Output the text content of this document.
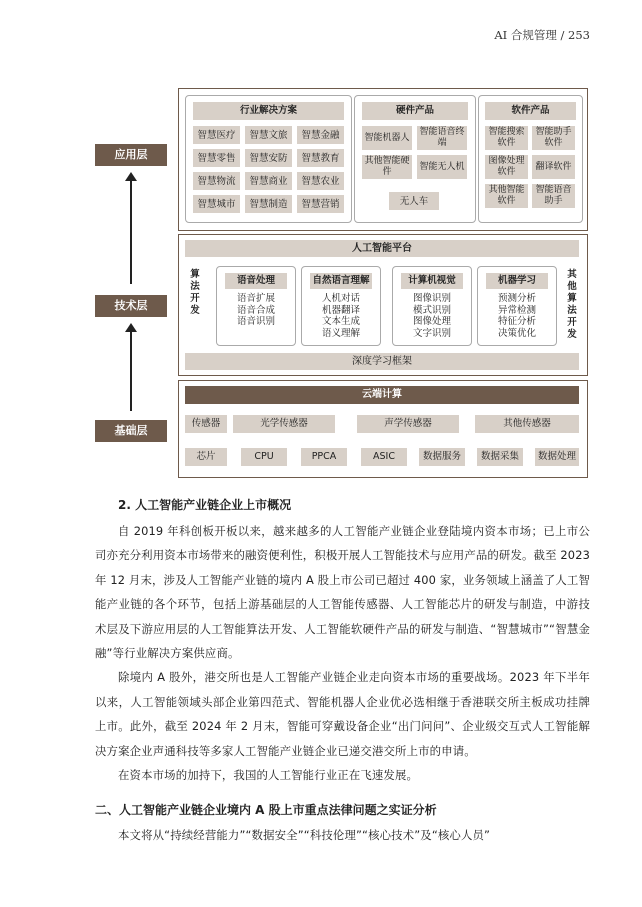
AI 合规管理 / 253
应用层
技术层
基础层
行业解决方案
智慧医疗	智慧文旅	智慧金融
智慧零售	智慧安防	智慧教育
智慧物流	智慧商业	智慧农业
智慧城市	智慧制造	智慧营销
硬件产品
智能机器人
智能语音终端
其他智能硬件
智能无人机
无人车
软件产品
智能搜索软件
智能助手软件
图像处理软件
翻译软件
其他智能软件
智能语音助手
人工智能平台
算法开发
其他算法开发
语音处理
语音扩展
语音合成
语音识别
自然语言理解
人机对话
机器翻译
文本生成
语义理解
计算机视觉
图像识别
模式识别
图像处理
文字识别
机器学习
预测分析
异常检测
特征分析
决策优化
深度学习框架
云端计算
传感器	光学传感器	声学传感器	其他传感器
芯片	CPU	PPCA	ASIC	数据服务	数据采集	数据处理
2. 人工智能产业链企业上市概况

自 2019 年科创板开板以来，越来越多的人工智能产业链企业登陆境内资本市场；已上市公司亦充分利用资本市场带来的融资便利性，积极开展人工智能技术与应用产品的研发。截至 2023 年 12 月末，涉及人工智能产业链的境内 A 股上市公司已超过 400 家，业务领域上涵盖了人工智能产业链的各个环节，包括上游基础层的人工智能传感器、人工智能芯片的研发与制造，中游技术层及下游应用层的人工智能算法开发、人工智能软硬件产品的研发与制造、“智慧城市”“智慧金融”等行业解决方案供应商。

除境内 A 股外，港交所也是人工智能产业链企业走向资本市场的重要战场。2023 年下半年以来，人工智能领域头部企业第四范式、智能机器人企业优必选相继于香港联交所主板成功挂牌上市。此外，截至 2024 年 2 月末，智能可穿戴设备企业“出门问问”、企业级交互式人工智能解决方案企业声通科技等多家人工智能产业链企业已递交港交所上市的申请。

在资本市场的加持下，我国的人工智能行业正在飞速发展。

二、人工智能产业链企业境内 A 股上市重点法律问题之实证分析

本文将从“持续经营能力”“数据安全”“科技伦理”“核心技术”及“核心人员”
